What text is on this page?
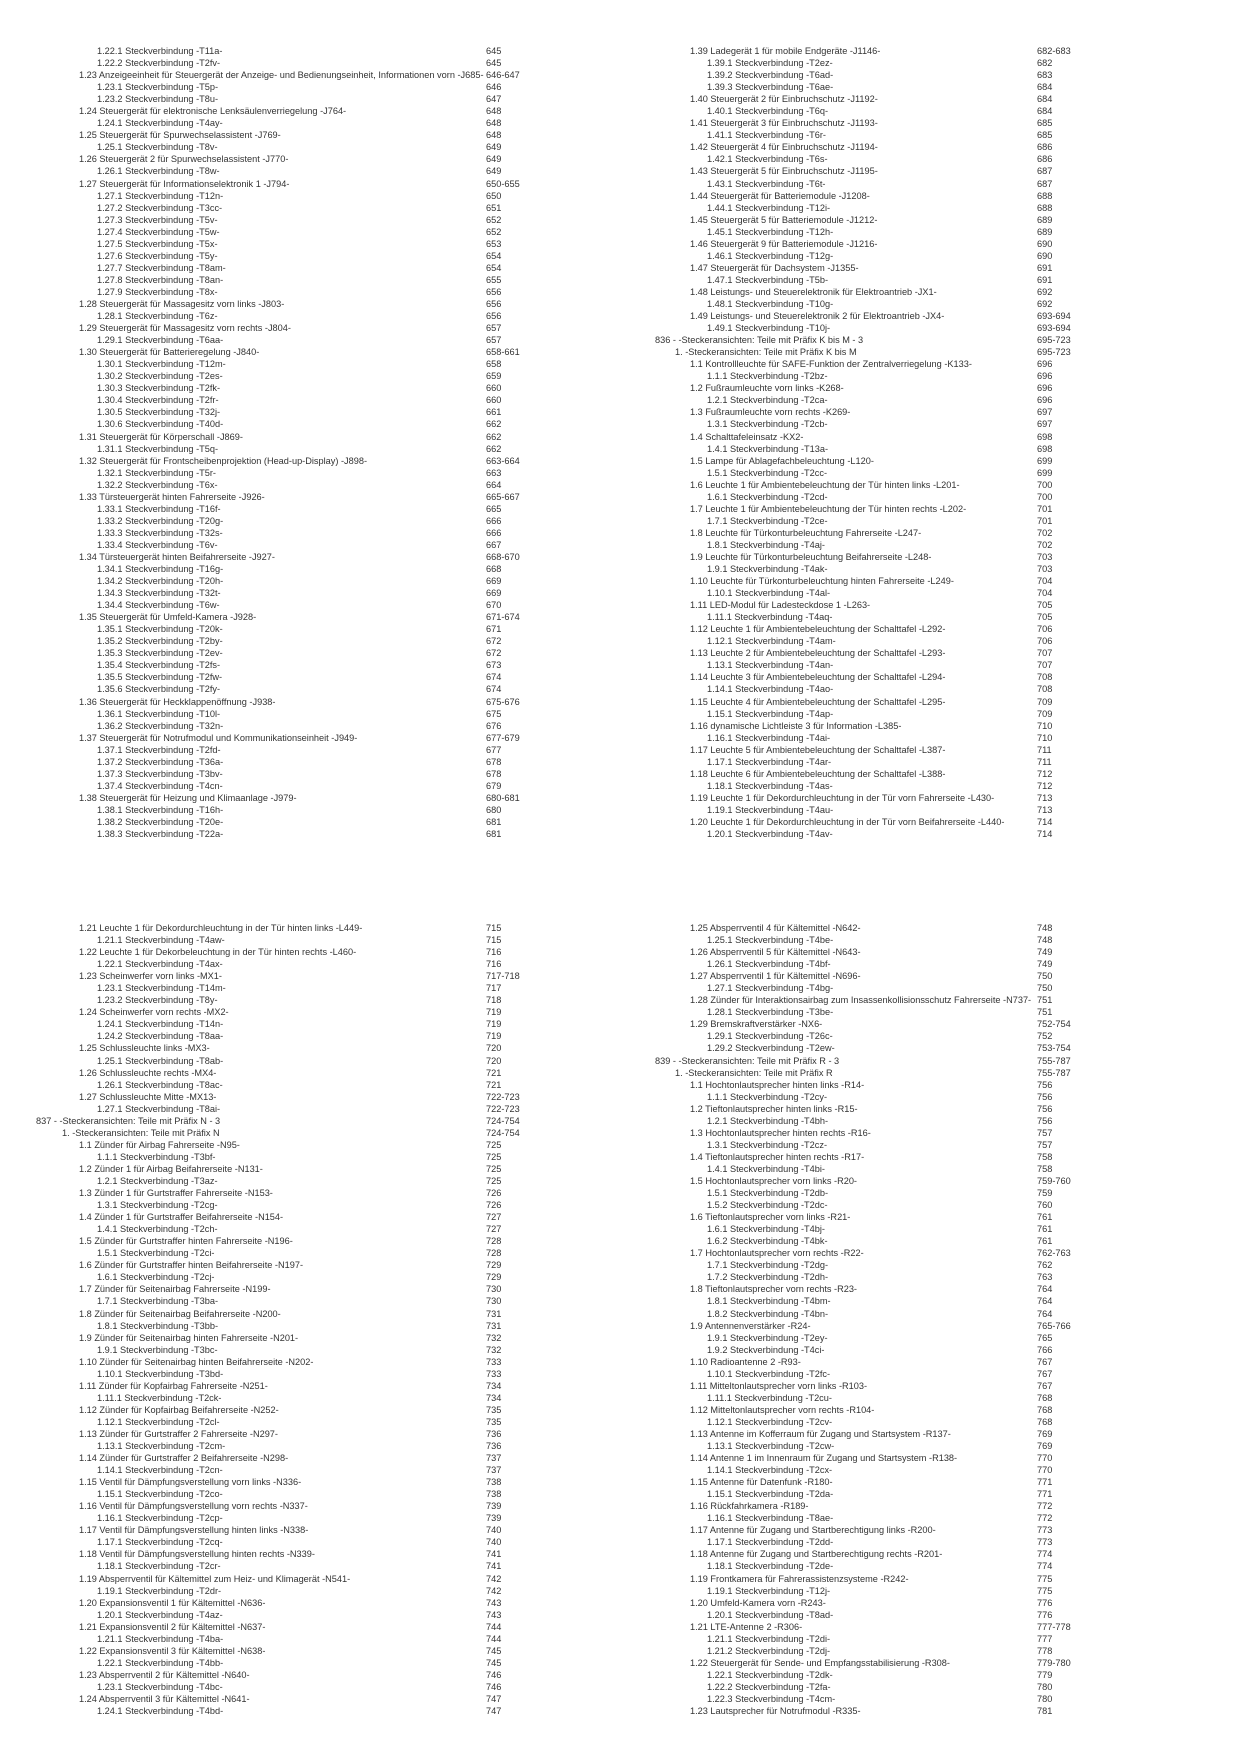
1.22.1 Steckverbindung -T11a-	645
1.22.2 Steckverbindung -T2fv-	645
1.23 Anzeigeeinheit für Steuergerät der Anzeige- und Bedienungseinheit, Informationen vorn -J685- 646-647
1.23.1 Steckverbindung -T5p-	646
1.23.2 Steckverbindung -T8u-	647
1.24 Steuergerät für elektronische Lenksäulenverriegelung -J764-	648
1.24.1 Steckverbindung -T4ay-	648
1.25 Steuergerät für Spurwechselassistent -J769-	648
1.25.1 Steckverbindung -T8v-	649
1.26 Steuergerät 2 für Spurwechselassistent -J770-	649
1.26.1 Steckverbindung -T8w-	649
1.27 Steuergerät für Informationselektronik 1 -J794-	650-655
1.27.1 Steckverbindung -T12n-	650
1.27.2 Steckverbindung -T3cc-	651
1.27.3 Steckverbindung -T5v-	652
1.27.4 Steckverbindung -T5w-	652
1.27.5 Steckverbindung -T5x-	653
1.27.6 Steckverbindung -T5y-	654
1.27.7 Steckverbindung -T8am-	654
1.27.8 Steckverbindung -T8an-	655
1.27.9 Steckverbindung -T8x-	656
1.28 Steuergerät für Massagesitz vorn links -J803-	656
1.28.1 Steckverbindung -T6z-	656
1.29 Steuergerät für Massagesitz vorn rechts -J804-	657
1.29.1 Steckverbindung -T6aa-	657
1.30 Steuergerät für Batterieregelung -J840-	658-661
1.30.1 Steckverbindung -T12m-	658
1.30.2 Steckverbindung -T2es-	659
1.30.3 Steckverbindung -T2fk-	660
1.30.4 Steckverbindung -T2fr-	660
1.30.5 Steckverbindung -T32j-	661
1.30.6 Steckverbindung -T40d-	662
1.31 Steuergerät für Körperschall -J869-	662
1.31.1 Steckverbindung -T5q-	662
1.32 Steuergerät für Frontscheibenprojektion (Head-up-Display) -J898-	663-664
1.32.1 Steckverbindung -T5r-	663
1.32.2 Steckverbindung -T6x-	664
1.33 Türsteuergerät hinten Fahrerseite -J926-	665-667
1.33.1 Steckverbindung -T16f-	665
1.33.2 Steckverbindung -T20g-	666
1.33.3 Steckverbindung -T32s-	666
1.33.4 Steckverbindung -T6v-	667
1.34 Türsteuergerät hinten Beifahrerseite -J927-	668-670
1.34.1 Steckverbindung -T16g-	668
1.34.2 Steckverbindung -T20h-	669
1.34.3 Steckverbindung -T32t-	669
1.34.4 Steckverbindung -T6w-	670
1.35 Steuergerät für Umfeld-Kamera -J928-	671-674
1.35.1 Steckverbindung -T20k-	671
1.35.2 Steckverbindung -T2by-	672
1.35.3 Steckverbindung -T2ev-	672
1.35.4 Steckverbindung -T2fs-	673
1.35.5 Steckverbindung -T2fw-	674
1.35.6 Steckverbindung -T2fy-	674
1.36 Steuergerät für Heckklappenöffnung -J938-	675-676
1.36.1 Steckverbindung -T10l-	675
1.36.2 Steckverbindung -T32n-	676
1.37 Steuergerät für Notrufmodul und Kommunikationseinheit -J949-	677-679
1.37.1 Steckverbindung -T2fd-	677
1.37.2 Steckverbindung -T36a-	678
1.37.3 Steckverbindung -T3bv-	678
1.37.4 Steckverbindung -T4cn-	679
1.38 Steuergerät für Heizung und Klimaanlage -J979-	680-681
1.38.1 Steckverbindung -T16h-	680
1.38.2 Steckverbindung -T20e-	681
1.38.3 Steckverbindung -T22a-	681
1.39 Ladegerät 1 für mobile Endgeräte -J1146-	682-683
1.39.1 Steckverbindung -T2ez-	682
1.39.2 Steckverbindung -T6ad-	683
1.39.3 Steckverbindung -T6ae-	684
1.40 Steuergerät 2 für Einbruchschutz -J1192-	684
1.40.1 Steckverbindung -T6q-	684
1.41 Steuergerät 3 für Einbruchschutz -J1193-	685
1.41.1 Steckverbindung -T6r-	685
1.42 Steuergerät 4 für Einbruchschutz -J1194-	686
1.42.1 Steckverbindung -T6s-	686
1.43 Steuergerät 5 für Einbruchschutz -J1195-	687
1.43.1 Steckverbindung -T6t-	687
1.44 Steuergerät für Batteriemodule -J1208-	688
1.44.1 Steckverbindung -T12i-	688
1.45 Steuergerät 5 für Batteriemodule -J1212-	689
1.45.1 Steckverbindung -T12h-	689
1.46 Steuergerät 9 für Batteriemodule -J1216-	690
1.46.1 Steckverbindung -T12g-	690
1.47 Steuergerät für Dachsystem -J1355-	691
1.47.1 Steckverbindung -T5b-	691
1.48 Leistungs- und Steuerelektronik für Elektroantrieb -JX1-	692
1.48.1 Steckverbindung -T10g-	692
1.49 Leistungs- und Steuerelektronik 2 für Elektroantrieb -JX4-	693-694
1.49.1 Steckverbindung -T10j-	693-694
836 - -Steckeransichten: Teile mit Präfix K bis M - 3	695-723
1. -Steckeransichten: Teile mit Präfix K bis M	695-723
1.1 Kontrollleuchte für SAFE-Funktion der Zentralverriegelung -K133-	696
1.1.1 Steckverbindung -T2bz-	696
1.2 Fußraumleuchte vorn links -K268-	696
1.2.1 Steckverbindung -T2ca-	696
1.3 Fußraumleuchte vorn rechts -K269-	697
1.3.1 Steckverbindung -T2cb-	697
1.4 Schalttafeleinsatz -KX2-	698
1.4.1 Steckverbindung -T13a-	698
1.5 Lampe für Ablagefachbeleuchtung -L120-	699
1.5.1 Steckverbindung -T2cc-	699
1.6 Leuchte 1 für Ambientebeleuchtung der Tür hinten links -L201-	700
1.6.1 Steckverbindung -T2cd-	700
1.7 Leuchte 1 für Ambientebeleuchtung der Tür hinten rechts -L202-	701
1.7.1 Steckverbindung -T2ce-	701
1.8 Leuchte für Türkonturbeleuchtung Fahrerseite -L247-	702
1.8.1 Steckverbindung -T4aj-	702
1.9 Leuchte für Türkonturbeleuchtung Beifahrerseite -L248-	703
1.9.1 Steckverbindung -T4ak-	703
1.10 Leuchte für Türkonturbeleuchtung hinten Fahrerseite -L249-	704
1.10.1 Steckverbindung -T4al-	704
1.11 LED-Modul für Ladesteckdose 1 -L263-	705
1.11.1 Steckverbindung -T4aq-	705
1.12 Leuchte 1 für Ambientebeleuchtung der Schalttafel -L292-	706
1.12.1 Steckverbindung -T4am-	706
1.13 Leuchte 2 für Ambientebeleuchtung der Schalttafel -L293-	707
1.13.1 Steckverbindung -T4an-	707
1.14 Leuchte 3 für Ambientebeleuchtung der Schalttafel -L294-	708
1.14.1 Steckverbindung -T4ao-	708
1.15 Leuchte 4 für Ambientebeleuchtung der Schalttafel -L295-	709
1.15.1 Steckverbindung -T4ap-	709
1.16 dynamische Lichtleiste 3 für Information -L385-	710
1.16.1 Steckverbindung -T4ai-	710
1.17 Leuchte 5 für Ambientebeleuchtung der Schalttafel -L387-	711
1.17.1 Steckverbindung -T4ar-	711
1.18 Leuchte 6 für Ambientebeleuchtung der Schalttafel -L388-	712
1.18.1 Steckverbindung -T4as-	712
1.19 Leuchte 1 für Dekordurchleuchtung in der Tür vorn Fahrerseite -L430-	713
1.19.1 Steckverbindung -T4au-	713
1.20 Leuchte 1 für Dekordurchleuchtung in der Tür vorn Beifahrerseite -L440-	714
1.20.1 Steckverbindung -T4av-	714
1.21 Leuchte 1 für Dekordurchleuchtung in der Tür hinten links -L449-	715
1.21.1 Steckverbindung -T4aw-	715
1.22 Leuchte 1 für Dekorbeleuchtung in der Tür hinten rechts -L460-	716
1.22.1 Steckverbindung -T4ax-	716
1.23 Scheinwerfer vorn links -MX1-	717-718
1.23.1 Steckverbindung -T14m-	717
1.23.2 Steckverbindung -T8y-	718
1.24 Scheinwerfer vorn rechts -MX2-	719
1.24.1 Steckverbindung -T14n-	719
1.24.2 Steckverbindung -T8aa-	719
1.25 Schlussleuchte links -MX3-	720
1.25.1 Steckverbindung -T8ab-	720
1.26 Schlussleuchte rechts -MX4-	721
1.26.1 Steckverbindung -T8ac-	721
1.27 Schlussleuchte Mitte -MX13-	722-723
1.27.1 Steckverbindung -T8ai-	722-723
837 - -Steckeransichten: Teile mit Präfix N - 3	724-754
1. -Steckeransichten: Teile mit Präfix N	724-754
1.1 Zünder für Airbag Fahrerseite -N95-	725
1.1.1 Steckverbindung -T3bf-	725
1.2 Zünder 1 für Airbag Beifahrerseite -N131-	725
1.2.1 Steckverbindung -T3az-	725
1.3 Zünder 1 für Gurtstraffer Fahrerseite -N153-	726
1.3.1 Steckverbindung -T2cg-	726
1.4 Zünder 1 für Gurtstraffer Beifahrerseite -N154-	727
1.4.1 Steckverbindung -T2ch-	727
1.5 Zünder für Gurtstraffer hinten Fahrerseite -N196-	728
1.5.1 Steckverbindung -T2ci-	728
1.6 Zünder für Gurtstraffer hinten Beifahrerseite -N197-	729
1.6.1 Steckverbindung -T2cj-	729
1.7 Zünder für Seitenairbag Fahrerseite -N199-	730
1.7.1 Steckverbindung -T3ba-	730
1.8 Zünder für Seitenairbag Beifahrerseite -N200-	731
1.8.1 Steckverbindung -T3bb-	731
1.9 Zünder für Seitenairbag hinten Fahrerseite -N201-	732
1.9.1 Steckverbindung -T3bc-	732
1.10 Zünder für Seitenairbag hinten Beifahrerseite -N202-	733
1.10.1 Steckverbindung -T3bd-	733
1.11 Zünder für Kopfairbag Fahrerseite -N251-	734
1.11.1 Steckverbindung -T2ck-	734
1.12 Zünder für Kopfairbag Beifahrerseite -N252-	735
1.12.1 Steckverbindung -T2cl-	735
1.13 Zünder für Gurtstraffer 2 Fahrerseite -N297-	736
1.13.1 Steckverbindung -T2cm-	736
1.14 Zünder für Gurtstraffer 2 Beifahrerseite -N298-	737
1.14.1 Steckverbindung -T2cn-	737
1.15 Ventil für Dämpfungsverstellung vorn links -N336-	738
1.15.1 Steckverbindung -T2co-	738
1.16 Ventil für Dämpfungsverstellung vorn rechts -N337-	739
1.16.1 Steckverbindung -T2cp-	739
1.17 Ventil für Dämpfungsverstellung hinten links -N338-	740
1.17.1 Steckverbindung -T2cq-	740
1.18 Ventil für Dämpfungsverstellung hinten rechts -N339-	741
1.18.1 Steckverbindung -T2cr-	741
1.19 Absperrventil für Kältemittel zum Heiz- und Klimagerät -N541-	742
1.19.1 Steckverbindung -T2dr-	742
1.20 Expansionsventil 1 für Kältemittel -N636-	743
1.20.1 Steckverbindung -T4az-	743
1.21 Expansionsventil 2 für Kältemittel -N637-	744
1.21.1 Steckverbindung -T4ba-	744
1.22 Expansionsventil 3 für Kältemittel -N638-	745
1.22.1 Steckverbindung -T4bb-	745
1.23 Absperrventil 2 für Kältemittel -N640-	746
1.23.1 Steckverbindung -T4bc-	746
1.24 Absperrventil 3 für Kältemittel -N641-	747
1.24.1 Steckverbindung -T4bd-	747
1.25 Absperrventil 4 für Kältemittel -N642-	748
1.25.1 Steckverbindung -T4be-	748
1.26 Absperrventil 5 für Kältemittel -N643-	749
1.26.1 Steckverbindung -T4bf-	749
1.27 Absperrventil 1 für Kältemittel -N696-	750
1.27.1 Steckverbindung -T4bg-	750
1.28 Zünder für Interaktionsairbag zum Insassenkollisionsschutz Fahrerseite -N737- 751
1.28.1 Steckverbindung -T3be-	751
1.29 Bremskraftverstärker -NX6-	752-754
1.29.1 Steckverbindung -T26c-	752
1.29.2 Steckverbindung -T2ew-	753-754
839 - -Steckeransichten: Teile mit Präfix R - 3	755-787
1. -Steckeransichten: Teile mit Präfix R	755-787
1.1 Hochtonlautsprecher hinten links -R14-	756
1.1.1 Steckverbindung -T2cy-	756
1.2 Tieftonlautsprecher hinten links -R15-	756
1.2.1 Steckverbindung -T4bh-	756
1.3 Hochtonlautsprecher hinten rechts -R16-	757
1.3.1 Steckverbindung -T2cz-	757
1.4 Tieftonlautsprecher hinten rechts -R17-	758
1.4.1 Steckverbindung -T4bi-	758
1.5 Hochtonlautsprecher vorn links -R20-	759-760
1.5.1 Steckverbindung -T2db-	759
1.5.2 Steckverbindung -T2dc-	760
1.6 Tieftonlautsprecher vorn links -R21-	761
1.6.1 Steckverbindung -T4bj-	761
1.6.2 Steckverbindung -T4bk-	761
1.7 Hochtonlautsprecher vorn rechts -R22-	762-763
1.7.1 Steckverbindung -T2dg-	762
1.7.2 Steckverbindung -T2dh-	763
1.8 Tieftonlautsprecher vorn rechts -R23-	764
1.8.1 Steckverbindung -T4bm-	764
1.8.2 Steckverbindung -T4bn-	764
1.9 Antennenverstärker -R24-	765-766
1.9.1 Steckverbindung -T2ey-	765
1.9.2 Steckverbindung -T4ci-	766
1.10 Radioantenne 2 -R93-	767
1.10.1 Steckverbindung -T2fc-	767
1.11 Mitteltonlautsprecher vorn links -R103-	767
1.11.1 Steckverbindung -T2cu-	768
1.12 Mitteltonlautsprecher vorn rechts -R104-	768
1.12.1 Steckverbindung -T2cv-	768
1.13 Antenne im Kofferraum für Zugang und Startsystem -R137-	769
1.13.1 Steckverbindung -T2cw-	769
1.14 Antenne 1 im Innenraum für Zugang und Startsystem -R138-	770
1.14.1 Steckverbindung -T2cx-	770
1.15 Antenne für Datenfunk -R180-	771
1.15.1 Steckverbindung -T2da-	771
1.16 Rückfahrkamera -R189-	772
1.16.1 Steckverbindung -T8ae-	772
1.17 Antenne für Zugang und Startberechtigung links -R200-	773
1.17.1 Steckverbindung -T2dd-	773
1.18 Antenne für Zugang und Startberechtigung rechts -R201-	774
1.18.1 Steckverbindung -T2de-	774
1.19 Frontkamera für Fahrerassistenzsysteme -R242-	775
1.19.1 Steckverbindung -T12j-	775
1.20 Umfeld-Kamera vorn -R243-	776
1.20.1 Steckverbindung -T8ad-	776
1.21 LTE-Antenne 2 -R306-	777-778
1.21.1 Steckverbindung -T2di-	777
1.21.2 Steckverbindung -T2dj-	778
1.22 Steuergerät für Sende- und Empfangsstabilisierung -R308-	779-780
1.22.1 Steckverbindung -T2dk-	779
1.22.2 Steckverbindung -T2fa-	780
1.22.3 Steckverbindung -T4cm-	780
1.23 Lautsprecher für Notrufmodul -R335-	781
